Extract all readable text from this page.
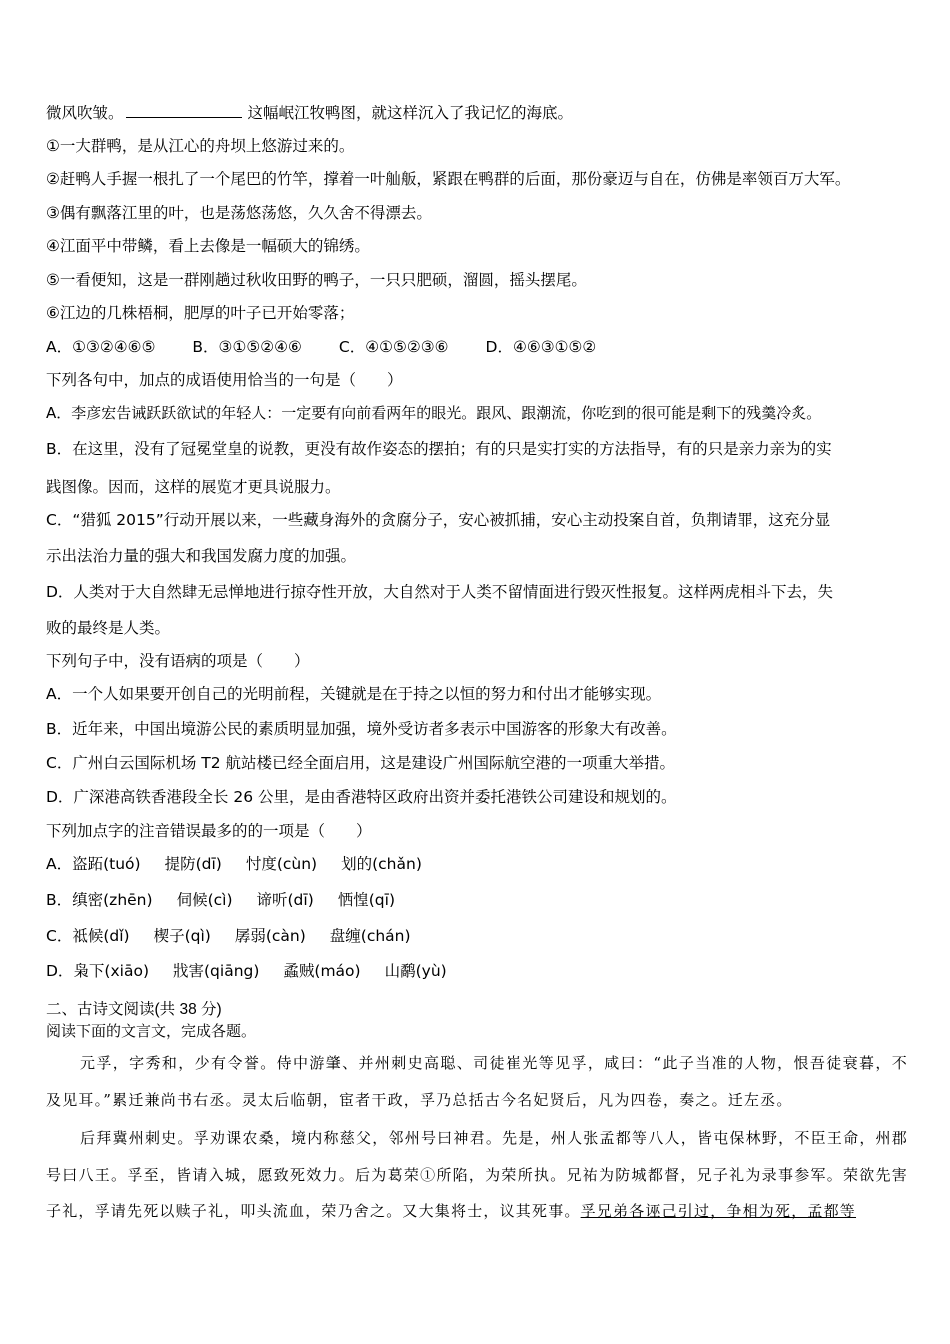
微风吹皱。	这幅岷江牧鸭图，就这样沉入了我记忆的海底。
①一大群鸭，是从江心的舟坝上悠游过来的。
②赶鸭人手握一根扎了一个尾巴的竹竿，撑着一叶舢舨，紧跟在鸭群的后面，那份豪迈与自在，仿佛是率领百万大军。
③偶有飘落江里的叶，也是荡悠荡悠，久久舍不得漂去。
④江面平中带鳞，看上去像是一幅硕大的锦绣。
⑤一看便知，这是一群刚趟过秋收田野的鸭子，一只只肥硕，溜圆，摇头摆尾。
⑥江边的几株梧桐，肥厚的叶子已开始零落；
A．①③②④⑥⑤ B．③①⑤②④⑥ C．④①⑤②③⑥ D．④⑥③①⑤②
下列各句中，加点的成语使用恰当的一句是（　　）
A．李彦宏告诫跃跃欲试的年轻人：一定要有向前看两年的眼光。跟风、跟潮流，你吃到的很可能是剩下的残羹冷炙。
B．在这里，没有了冠冕堂皇的说教，更没有故作姿态的摆拍；有的只是实打实的方法指导，有的只是亲力亲为的实
践图像。因而，这样的展览才更具说服力。
C．“猎狐 2015”行动开展以来，一些藏身海外的贪腐分子，安心被抓捕，安心主动投案自首，负荆请罪，这充分显
示出法治力量的强大和我国发腐力度的加强。
D．人类对于大自然肆无忌惮地进行掠夺性开放，大自然对于人类不留情面进行毁灭性报复。这样两虎相斗下去，失
败的最终是人类。
下列句子中，没有语病的项是（　　）
A．一个人如果要开创自己的光明前程，关键就是在于持之以恒的努力和付出才能够实现。
B．近年来，中国出境游公民的素质明显加强，境外受访者多表示中国游客的形象大有改善。
C．广州白云国际机场 T2 航站楼已经全面启用，这是建设广州国际航空港的一项重大举措。
D．广深港高铁香港段全长 26 公里，是由香港特区政府出资并委托港铁公司建设和规划的。
下列加点字的注音错误最多的的一项是（　　）
A．盗跖(tuó) 提防(dī) 忖度(cùn) 划的(chǎn)
B．缜密(zhēn) 伺候(cì) 谛听(dī) 恓惶(qī)
C．祗候(dǐ) 楔子(qì) 孱弱(càn) 盘缠(chán)
D．枭下(xiāo) 戕害(qiāng) 蟊贼(máo) 山鹬(yù)
二、古诗文阅读(共 38 分)
阅读下面的文言文，完成各题。
元孚，字秀和，少有令誉。侍中游肇、并州刺史高聪、司徒崔光等见孚，咸曰：“此子当准的人物，恨吾徒衰暮，不及见耳。”累迁兼尚书右丞。灵太后临朝，宦者干政，孚乃总括古今名妃贤后，凡为四卷，奏之。迁左丞。
后拜冀州刺史。孚劝课农桑，境内称慈父，邻州号曰神君。先是，州人张孟都等八人，皆屯保林野，不臣王命，州郡号曰八王。孚至，皆请入城，愿致死效力。后为葛荣①所陷，为荣所执。兄祐为防城都督，兄子礼为录事参军。荣欲先害子礼，孚请先死以赎子礼，叩头流血，荣乃舍之。又大集将士，议其死事。孚兄弟各诬己引过，争相为死，孟都等
